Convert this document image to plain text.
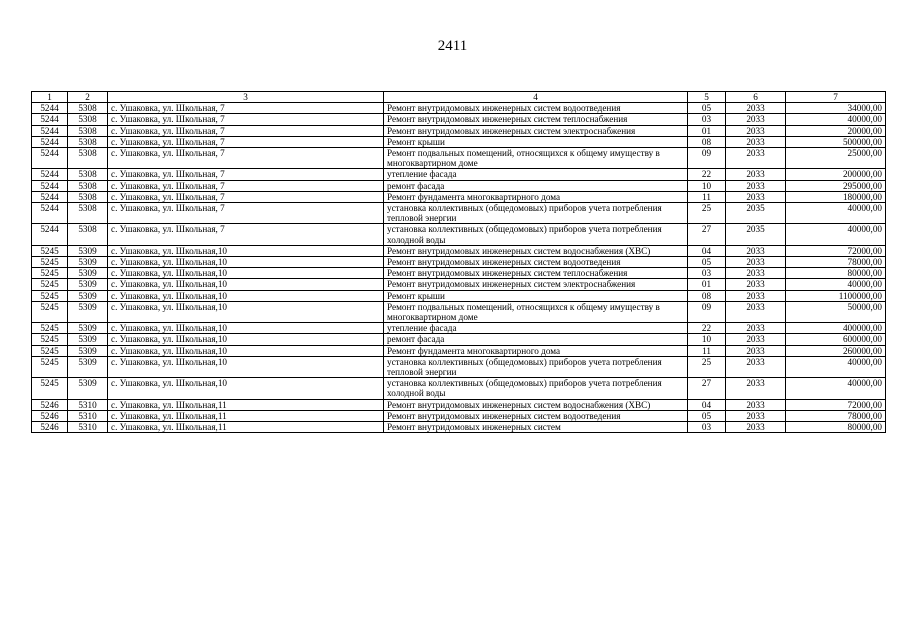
2411
1	2	3	4	5	6	7
5244	5308	с. Ушаковка, ул. Школьная, 7	Ремонт внутридомовых инженерных систем водоотведения	05	2033	34000,00
5244	5308	с. Ушаковка, ул. Школьная, 7	Ремонт внутридомовых инженерных систем теплоснабжения	03	2033	40000,00
5244	5308	с. Ушаковка, ул. Школьная, 7	Ремонт внутридомовых инженерных систем электроснабжения	01	2033	20000,00
5244	5308	с. Ушаковка, ул. Школьная, 7	Ремонт крыши	08	2033	500000,00
5244	5308	с. Ушаковка, ул. Школьная, 7	Ремонт подвальных помещений, относящихся к общему имуществу в многоквартирном доме	09	2033	25000,00
5244	5308	с. Ушаковка, ул. Школьная, 7	утепление фасада	22	2033	200000,00
5244	5308	с. Ушаковка, ул. Школьная, 7	ремонт фасада	10	2033	295000,00
5244	5308	с. Ушаковка, ул. Школьная, 7	Ремонт фундамента многоквартирного дома	11	2033	180000,00
5244	5308	с. Ушаковка, ул. Школьная, 7	установка коллективных (общедомовых) приборов учета потребления тепловой энергии	25	2035	40000,00
5244	5308	с. Ушаковка, ул. Школьная, 7	установка коллективных (общедомовых) приборов учета потребления холодной воды	27	2035	40000,00
5245	5309	с. Ушаковка, ул. Школьная,10	Ремонт внутридомовых инженерных систем водоснабжения (ХВС)	04	2033	72000,00
5245	5309	с. Ушаковка, ул. Школьная,10	Ремонт внутридомовых инженерных систем водоотведения	05	2033	78000,00
5245	5309	с. Ушаковка, ул. Школьная,10	Ремонт внутридомовых инженерных систем теплоснабжения	03	2033	80000,00
5245	5309	с. Ушаковка, ул. Школьная,10	Ремонт внутридомовых инженерных систем электроснабжения	01	2033	40000,00
5245	5309	с. Ушаковка, ул. Школьная,10	Ремонт крыши	08	2033	1100000,00
5245	5309	с. Ушаковка, ул. Школьная,10	Ремонт подвальных помещений, относящихся к общему имуществу в многоквартирном доме	09	2033	50000,00
5245	5309	с. Ушаковка, ул. Школьная,10	утепление фасада	22	2033	400000,00
5245	5309	с. Ушаковка, ул. Школьная,10	ремонт фасада	10	2033	600000,00
5245	5309	с. Ушаковка, ул. Школьная,10	Ремонт фундамента многоквартирного дома	11	2033	260000,00
5245	5309	с. Ушаковка, ул. Школьная,10	установка коллективных (общедомовых) приборов учета потребления тепловой энергии	25	2033	40000,00
5245	5309	с. Ушаковка, ул. Школьная,10	установка коллективных (общедомовых) приборов учета потребления холодной воды	27	2033	40000,00
5246	5310	с. Ушаковка, ул. Школьная,11	Ремонт внутридомовых инженерных систем водоснабжения (ХВС)	04	2033	72000,00
5246	5310	с. Ушаковка, ул. Школьная,11	Ремонт внутридомовых инженерных систем водоотведения	05	2033	78000,00
5246	5310	с. Ушаковка, ул. Школьная,11	Ремонт внутридомовых инженерных систем	03	2033	80000,00
